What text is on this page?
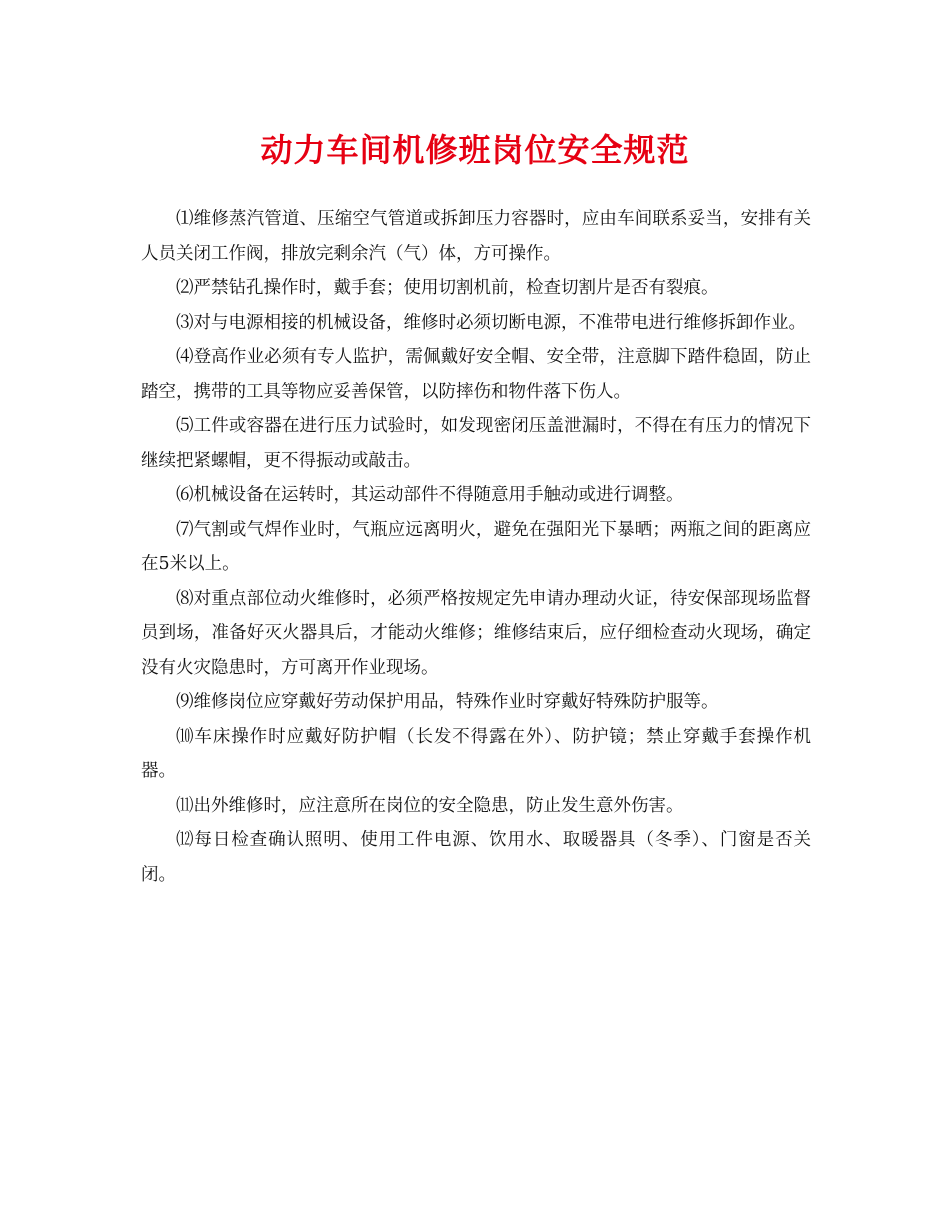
动力车间机修班岗位安全规范

⑴维修蒸汽管道、压缩空气管道或拆卸压力容器时，应由车间联系妥当，安排有关人员关闭工作阀，排放完剩余汽（气）体，方可操作。

⑵严禁钻孔操作时，戴手套；使用切割机前，检查切割片是否有裂痕。

⑶对与电源相接的机械设备，维修时必须切断电源，不准带电进行维修拆卸作业。

⑷登高作业必须有专人监护，需佩戴好安全帽、安全带，注意脚下踏件稳固，防止踏空，携带的工具等物应妥善保管，以防摔伤和物件落下伤人。

⑸工件或容器在进行压力试验时，如发现密闭压盖泄漏时，不得在有压力的情况下继续把紧螺帽，更不得振动或敲击。

⑹机械设备在运转时，其运动部件不得随意用手触动或进行调整。

⑺气割或气焊作业时，气瓶应远离明火，避免在强阳光下暴晒；两瓶之间的距离应在5米以上。

⑻对重点部位动火维修时，必须严格按规定先申请办理动火证，待安保部现场监督员到场，准备好灭火器具后，才能动火维修；维修结束后，应仔细检查动火现场，确定没有火灾隐患时，方可离开作业现场。

⑼维修岗位应穿戴好劳动保护用品，特殊作业时穿戴好特殊防护服等。

⑽车床操作时应戴好防护帽（长发不得露在外）、防护镜；禁止穿戴手套操作机器。

⑾出外维修时，应注意所在岗位的安全隐患，防止发生意外伤害。

⑿每日检查确认照明、使用工件电源、饮用水、取暖器具（冬季）、门窗是否关闭。
